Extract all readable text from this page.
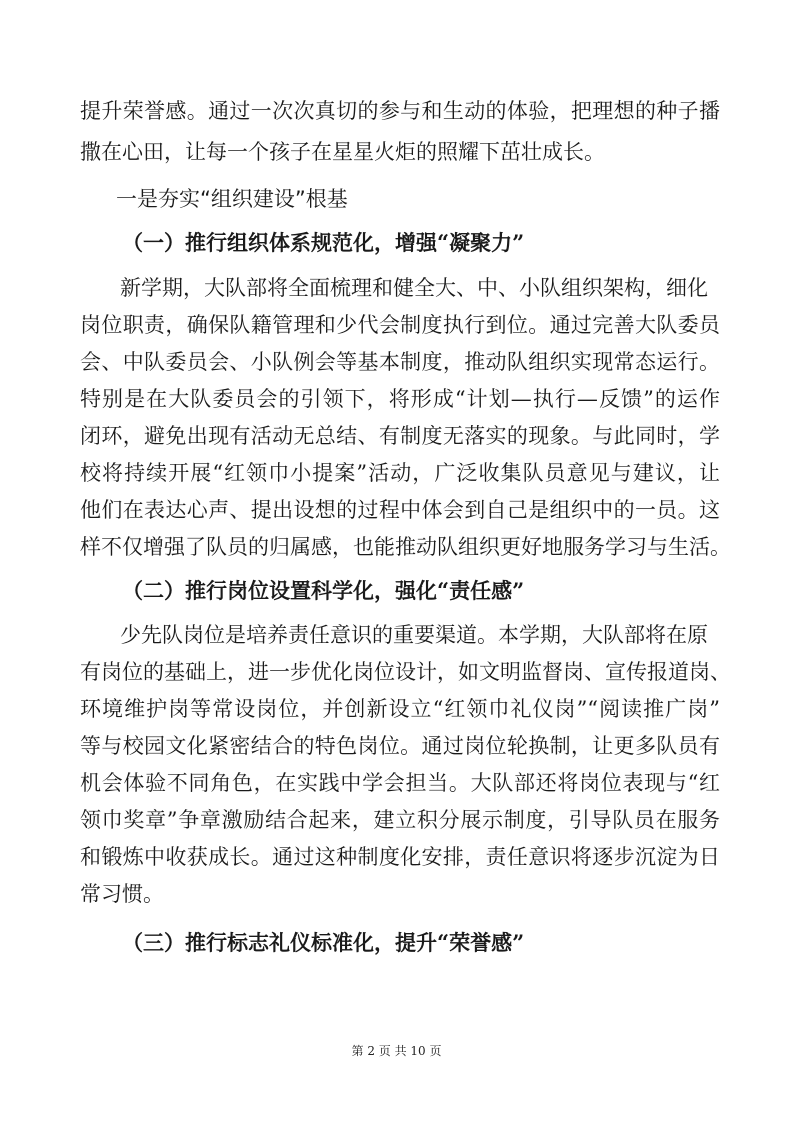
提升荣誉感。通过一次次真切的参与和生动的体验，把理想的种子播
撒在心田，让每一个孩子在星星火炬的照耀下茁壮成长。
一是夯实“组织建设”根基
（一）推行组织体系规范化，增强“凝聚力”
新学期，大队部将全面梳理和健全大、中、小队组织架构，细化
岗位职责，确保队籍管理和少代会制度执行到位。通过完善大队委员
会、中队委员会、小队例会等基本制度，推动队组织实现常态运行。
特别是在大队委员会的引领下，将形成“计划—执行—反馈”的运作
闭环，避免出现有活动无总结、有制度无落实的现象。与此同时，学
校将持续开展“红领巾小提案”活动，广泛收集队员意见与建议，让
他们在表达心声、提出设想的过程中体会到自己是组织中的一员。这
样不仅增强了队员的归属感，也能推动队组织更好地服务学习与生活。
（二）推行岗位设置科学化，强化“责任感”
少先队岗位是培养责任意识的重要渠道。本学期，大队部将在原
有岗位的基础上，进一步优化岗位设计，如文明监督岗、宣传报道岗、
环境维护岗等常设岗位，并创新设立“红领巾礼仪岗”“阅读推广岗”
等与校园文化紧密结合的特色岗位。通过岗位轮换制，让更多队员有
机会体验不同角色，在实践中学会担当。大队部还将岗位表现与“红
领巾奖章”争章激励结合起来，建立积分展示制度，引导队员在服务
和锻炼中收获成长。通过这种制度化安排，责任意识将逐步沉淀为日
常习惯。
（三）推行标志礼仪标准化，提升“荣誉感”
第 2 页 共 10 页
